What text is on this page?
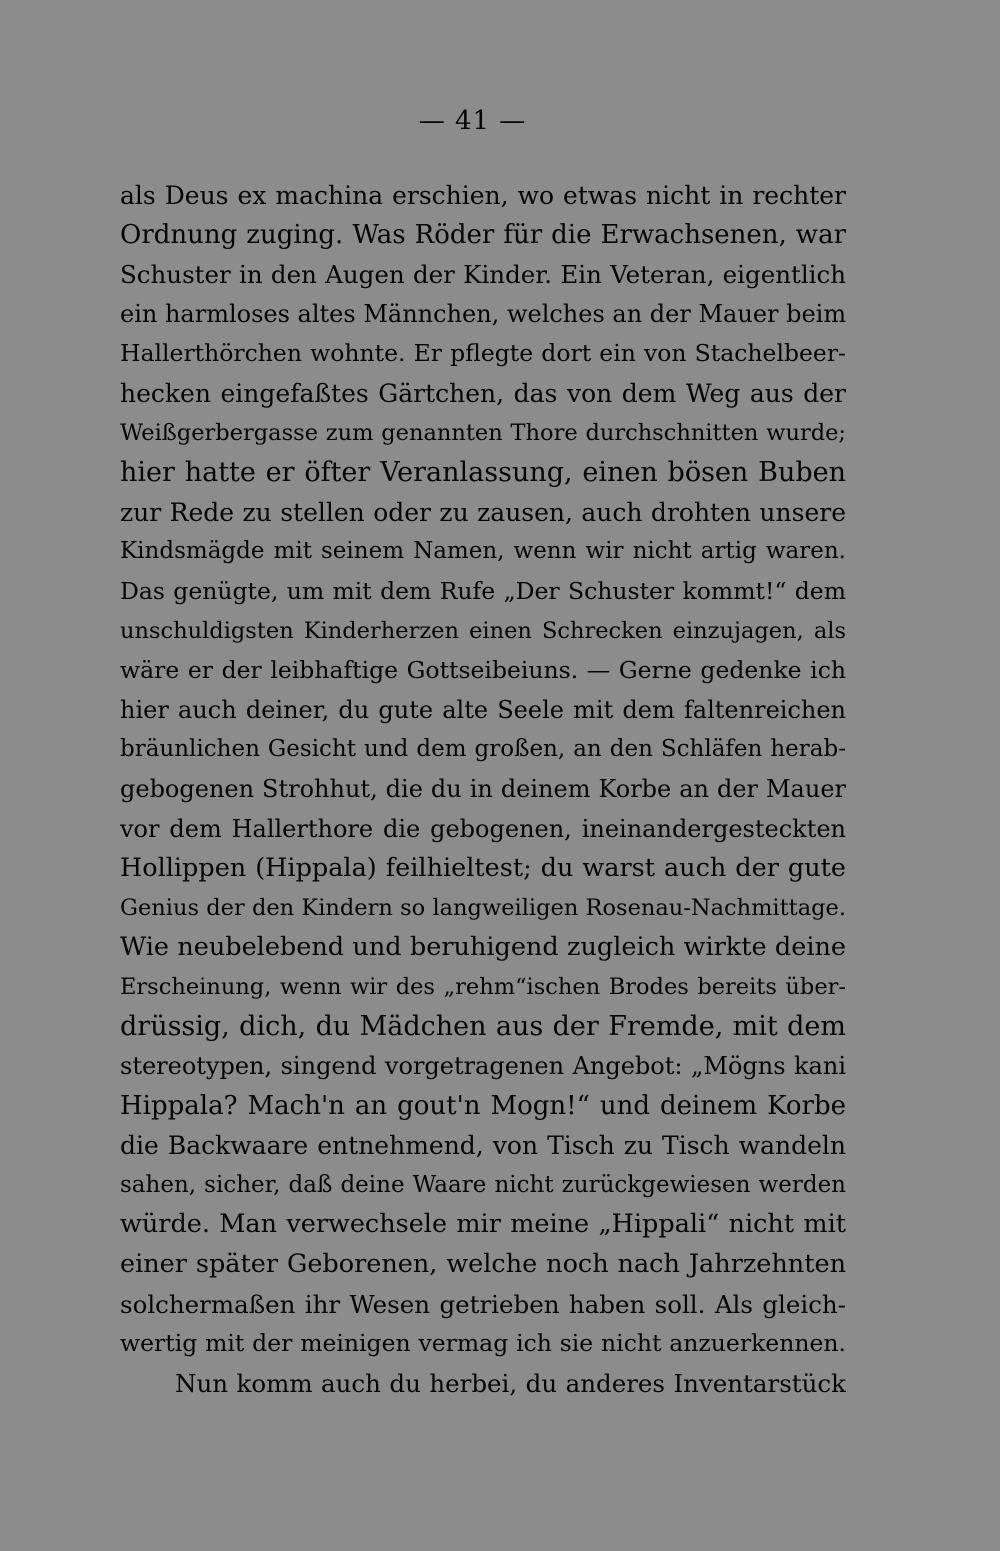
— 41 —
als Deus ex machina erschien, wo etwas nicht in rechter
Ordnung zuging. Was Röder für die Erwachsenen, war
Schuster in den Augen der Kinder. Ein Veteran, eigentlich
ein harmloses altes Männchen, welches an der Mauer beim
Hallerthörchen wohnte. Er pflegte dort ein von Stachelbeer-
hecken eingefaßtes Gärtchen, das von dem Weg aus der
Weißgerbergasse zum genannten Thore durchschnitten wurde;
hier hatte er öfter Veranlassung, einen bösen Buben
zur Rede zu stellen oder zu zausen, auch drohten unsere
Kindsmägde mit seinem Namen, wenn wir nicht artig waren.
Das genügte, um mit dem Rufe „Der Schuster kommt!“ dem
unschuldigsten Kinderherzen einen Schrecken einzujagen, als
wäre er der leibhaftige Gottseibeiuns. — Gerne gedenke ich
hier auch deiner, du gute alte Seele mit dem faltenreichen
bräunlichen Gesicht und dem großen, an den Schläfen herab-
gebogenen Strohhut, die du in deinem Korbe an der Mauer
vor dem Hallerthore die gebogenen, ineinandergesteckten
Hollippen (Hippala) feilhieltest; du warst auch der gute
Genius der den Kindern so langweiligen Rosenau-Nachmittage.
Wie neubelebend und beruhigend zugleich wirkte deine
Erscheinung, wenn wir des „rehm“ischen Brodes bereits über-
drüssig, dich, du Mädchen aus der Fremde, mit dem
stereotypen, singend vorgetragenen Angebot: „Mögns kani
Hippala? Mach'n an gout'n Mogn!“ und deinem Korbe
die Backwaare entnehmend, von Tisch zu Tisch wandeln
sahen, sicher, daß deine Waare nicht zurückgewiesen werden
würde. Man verwechsele mir meine „Hippali“ nicht mit
einer später Geborenen, welche noch nach Jahrzehnten
solchermaßen ihr Wesen getrieben haben soll. Als gleich-
wertig mit der meinigen vermag ich sie nicht anzuerkennen.
Nun komm auch du herbei, du anderes Inventarstück
